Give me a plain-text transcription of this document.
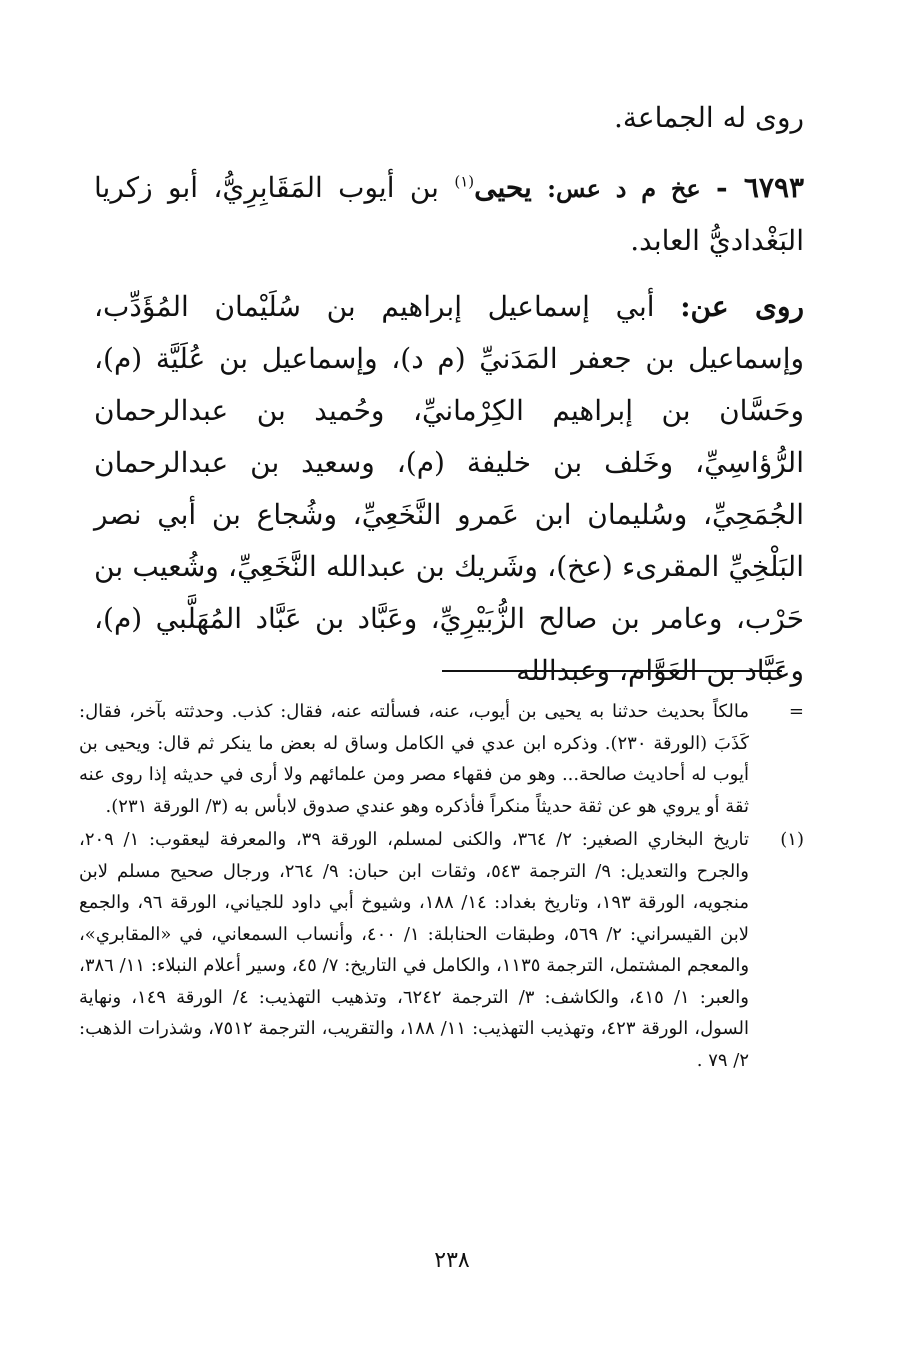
روى له الجماعة.

٦٧٩٣ - عخ م د عس: يحيى$^{(١)}$ بن أيوب المَقَابِرِيُّ، أبو زكريا البَغْداديُّ العابد.

روى عن: أبي إسماعيل إبراهيم بن سُلَيْمان المُؤَدِّب، وإسماعيل بن جعفر المَدَنيِّ (م د)، وإسماعيل بن عُلَيَّة (م)، وحَسَّان بن إبراهيم الكِرْمانيِّ، وحُميد بن عبدالرحمان الرُّؤاسِيِّ، وخَلف بن خليفة (م)، وسعيد بن عبدالرحمان الجُمَحِيِّ، وسُليمان ابن عَمرو النَّخَعِيِّ، وشُجاع بن أبي نصر البَلْخِيِّ المقرىء (عخ)، وشَريك بن عبدالله النَّخَعِيِّ، وشُعيب بن حَرْب، وعامر بن صالح الزُّبَيْرِيِّ، وعَبَّاد بن عَبَّاد المُهَلَّبي (م)، وعَبَّاد بن العَوَّام، وعبدالله

=
مالكاً بحديث حدثنا به يحيى بن أيوب، عنه، فسألته عنه، فقال: كذب. وحدثته بآخر، فقال: كَذَبَ (الورقة ٢٣٠). وذكره ابن عدي في الكامل وساق له بعض ما ينكر ثم قال: ويحيى بن أيوب له أحاديث صالحة... وهو من فقهاء مصر ومن علمائهم ولا أرى في حديثه إذا روى عنه ثقة أو يروي هو عن ثقة حديثاً منكراً فأذكره وهو عندي صدوق لابأس به (٣/ الورقة ٢٣١).
(١)
تاريخ البخاري الصغير: ٢/ ٣٦٤، والكنى لمسلم، الورقة ٣٩، والمعرفة ليعقوب: ١/ ٢٠٩، والجرح والتعديل: ٩/ الترجمة ٥٤٣، وثقات ابن حبان: ٩/ ٢٦٤، ورجال صحيح مسلم لابن منجويه، الورقة ١٩٣، وتاريخ بغداد: ١٤/ ١٨٨، وشيوخ أبي داود للجياني، الورقة ٩٦، والجمع لابن القيسراني: ٢/ ٥٦٩، وطبقات الحنابلة: ١/ ٤٠٠، وأنساب السمعاني، في «المقابري»، والمعجم المشتمل، الترجمة ١١٣٥، والكامل في التاريخ: ٧/ ٤٥، وسير أعلام النبلاء: ١١/ ٣٨٦، والعبر: ١/ ٤١٥، والكاشف: ٣/ الترجمة ٦٢٤٢، وتذهيب التهذيب: ٤/ الورقة ١٤٩، ونهاية السول، الورقة ٤٢٣، وتهذيب التهذيب: ١١/ ١٨٨، والتقريب، الترجمة ٧٥١٢، وشذرات الذهب: ٢/ ٧٩ .
٢٣٨
